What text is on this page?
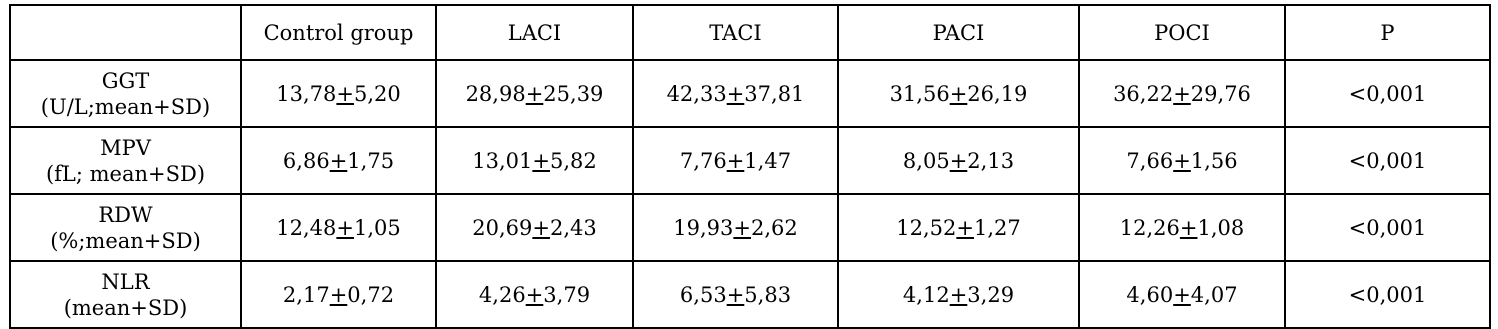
	Control group	LACI	TACI	PACI	POCI	P

GGT
(U/L;mean+SD)	13,78+5,20	28,98+25,39	42,33+37,81	31,56+26,19	36,22+29,76	<0,001

MPV
(fL; mean+SD)	6,86+1,75	13,01+5,82	7,76+1,47	8,05+2,13	7,66+1,56	<0,001

RDW
(%;mean+SD)	12,48+1,05	20,69+2,43	19,93+2,62	12,52+1,27	12,26+1,08	<0,001

NLR
(mean+SD)	2,17+0,72	4,26+3,79	6,53+5,83	4,12+3,29	4,60+4,07	<0,001
